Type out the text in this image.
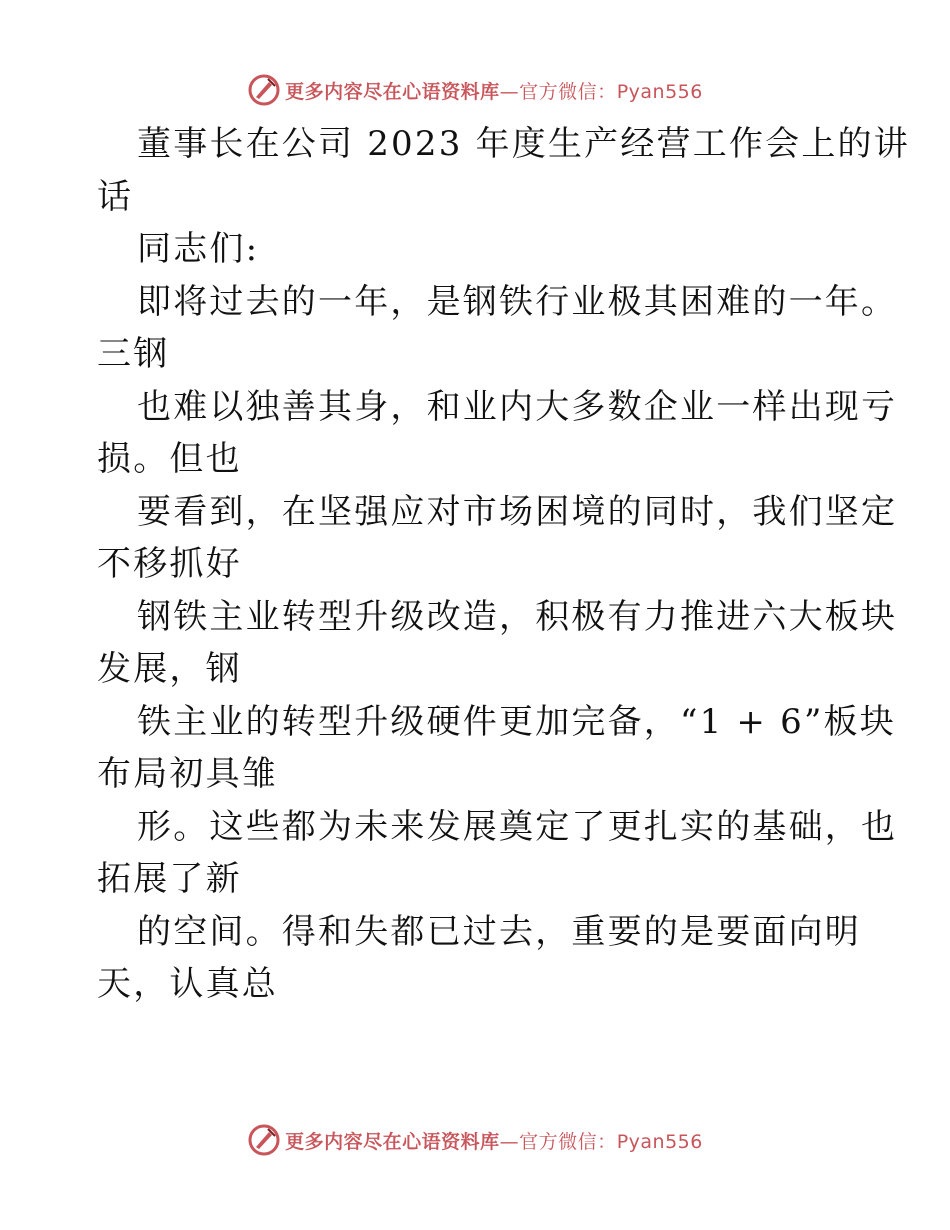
更多内容尽在心语资料库—官方微信：Pyan556
董事长在公司 2023 年度生产经营工作会上的讲
话
同志们:
即将过去的一年，是钢铁行业极其困难的一年。
三钢
也难以独善其身，和业内大多数企业一样出现亏
损。但也
要看到，在坚强应对市场困境的同时，我们坚定
不移抓好
钢铁主业转型升级改造，积极有力推进六大板块
发展，钢
铁主业的转型升级硬件更加完备，“1 + 6”板块
布局初具雏
形。这些都为未来发展奠定了更扎实的基础，也
拓展了新
的空间。得和失都已过去，重要的是要面向明
天，认真总
更多内容尽在心语资料库—官方微信：Pyan556
